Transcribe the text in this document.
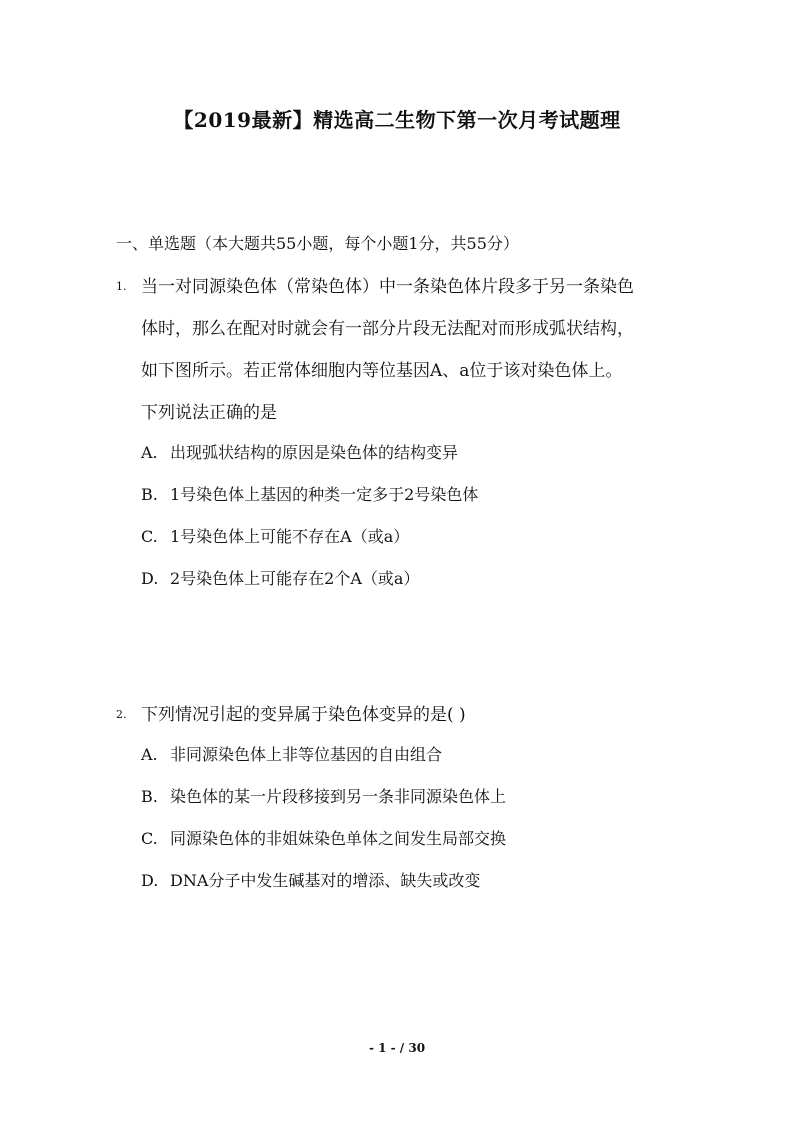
【2019最新】精选高二生物下第一次月考试题理
一、单选题（本大题共55小题，每个小题1分，共55分）
1. 当一对同源染色体（常染色体）中一条染色体片段多于另一条染色
体时，那么在配对时就会有一部分片段无法配对而形成弧状结构，
如下图所示。若正常体细胞内等位基因A、a位于该对染色体上。
下列说法正确的是
A. 出现弧状结构的原因是染色体的结构变异
B. 1号染色体上基因的种类一定多于2号染色体
C. 1号染色体上可能不存在A（或a）
D. 2号染色体上可能存在2个A（或a）
2. 下列情况引起的变异属于染色体变异的是( )
A. 非同源染色体上非等位基因的自由组合
B. 染色体的某一片段移接到另一条非同源染色体上
C. 同源染色体的非姐妹染色单体之间发生局部交换
D. DNA分子中发生碱基对的增添、缺失或改变
- 1 - / 30
